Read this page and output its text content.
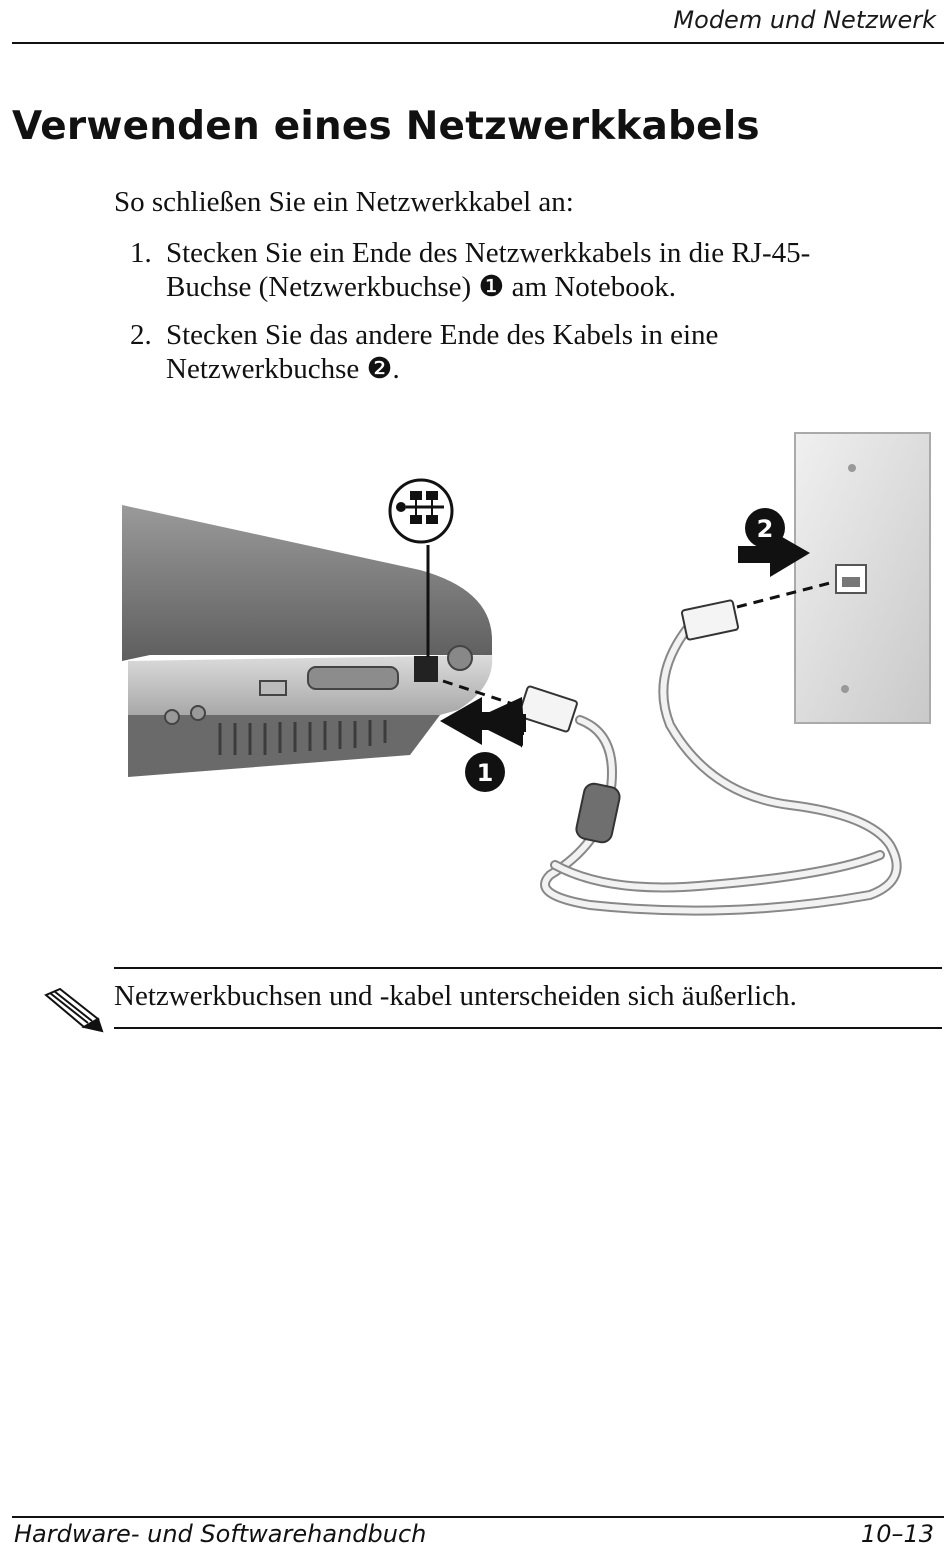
Modem und Netzwerk
Verwenden eines Netzwerkkabels
So schließen Sie ein Netzwerkkabel an:
1. Stecken Sie ein Ende des Netzwerkkabels in die RJ-45-Buchse (Netzwerkbuchse) ❶ am Notebook.
2. Stecken Sie das andere Ende des Kabels in eine Netzwerkbuchse ❷.
1
2
Netzwerkbuchsen und -kabel unterscheiden sich äußerlich.
Hardware- und Softwarehandbuch	10–13
